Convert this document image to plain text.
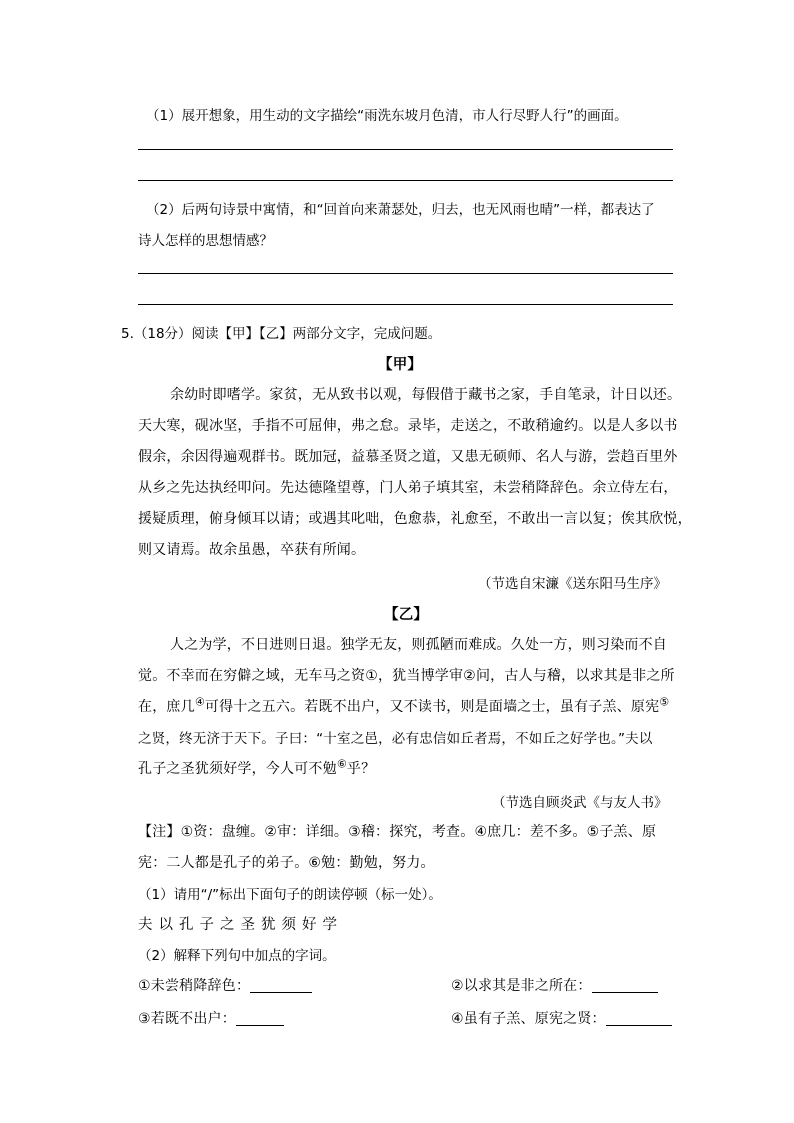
（1）展开想象，用生动的文字描绘“雨洗东坡月色清，市人行尽野人行”的画面。
（2）后两句诗景中寓情，和“回首向来萧瑟处，归去，也无风雨也晴”一样，都表达了
诗人怎样的思想情感？
5.（18分）阅读【甲】【乙】两部分文字，完成问题。
【甲】
余幼时即嗜学。家贫，无从致书以观，每假借于藏书之家，手自笔录，计日以还。
天大寒，砚冰坚，手指不可屈伸，弗之怠。录毕，走送之，不敢稍逾约。以是人多以书
假余，余因得遍观群书。既加冠，益慕圣贤之道，又患无硕师、名人与游，尝趋百里外
从乡之先达执经叩问。先达德隆望尊，门人弟子填其室，未尝稍降辞色。余立侍左右，
援疑质理，俯身倾耳以请；或遇其叱咄，色愈恭，礼愈至，不敢出一言以复；俟其欣悦，
则又请焉。故余虽愚，卒获有所闻。
（节选自宋濂《送东阳马生序》
【乙】
人之为学，不日进则日退。独学无友，则孤陋而难成。久处一方，则习染而不自
觉。不幸而在穷僻之域，无车马之资①，犹当博学审②问，古人与稽，以求其是非之所
在，庶几④可得十之五六。若既不出户，又不读书，则是面墙之士，虽有子羔、原宪⑤
之贤，终无济于天下。子曰：“十室之邑，必有忠信如丘者焉，不如丘之好学也。”夫以
孔子之圣犹须好学，今人可不勉⑥乎？
（节选自顾炎武《与友人书》
【注】①资：盘缠。②审：详细。③稽：探究，考查。④庶几：差不多。⑤子羔、原
宪：二人都是孔子的弟子。⑥勉：勤勉，努力。
（1）请用“/”标出下面句子的朗读停顿（标一处）。
夫以孔子之圣犹须好学
（2）解释下列句中加点的字词。
①未尝稍降辞色：	②以求其是非之所在：
③若既不出户：	④虽有子羔、原宪之贤：
